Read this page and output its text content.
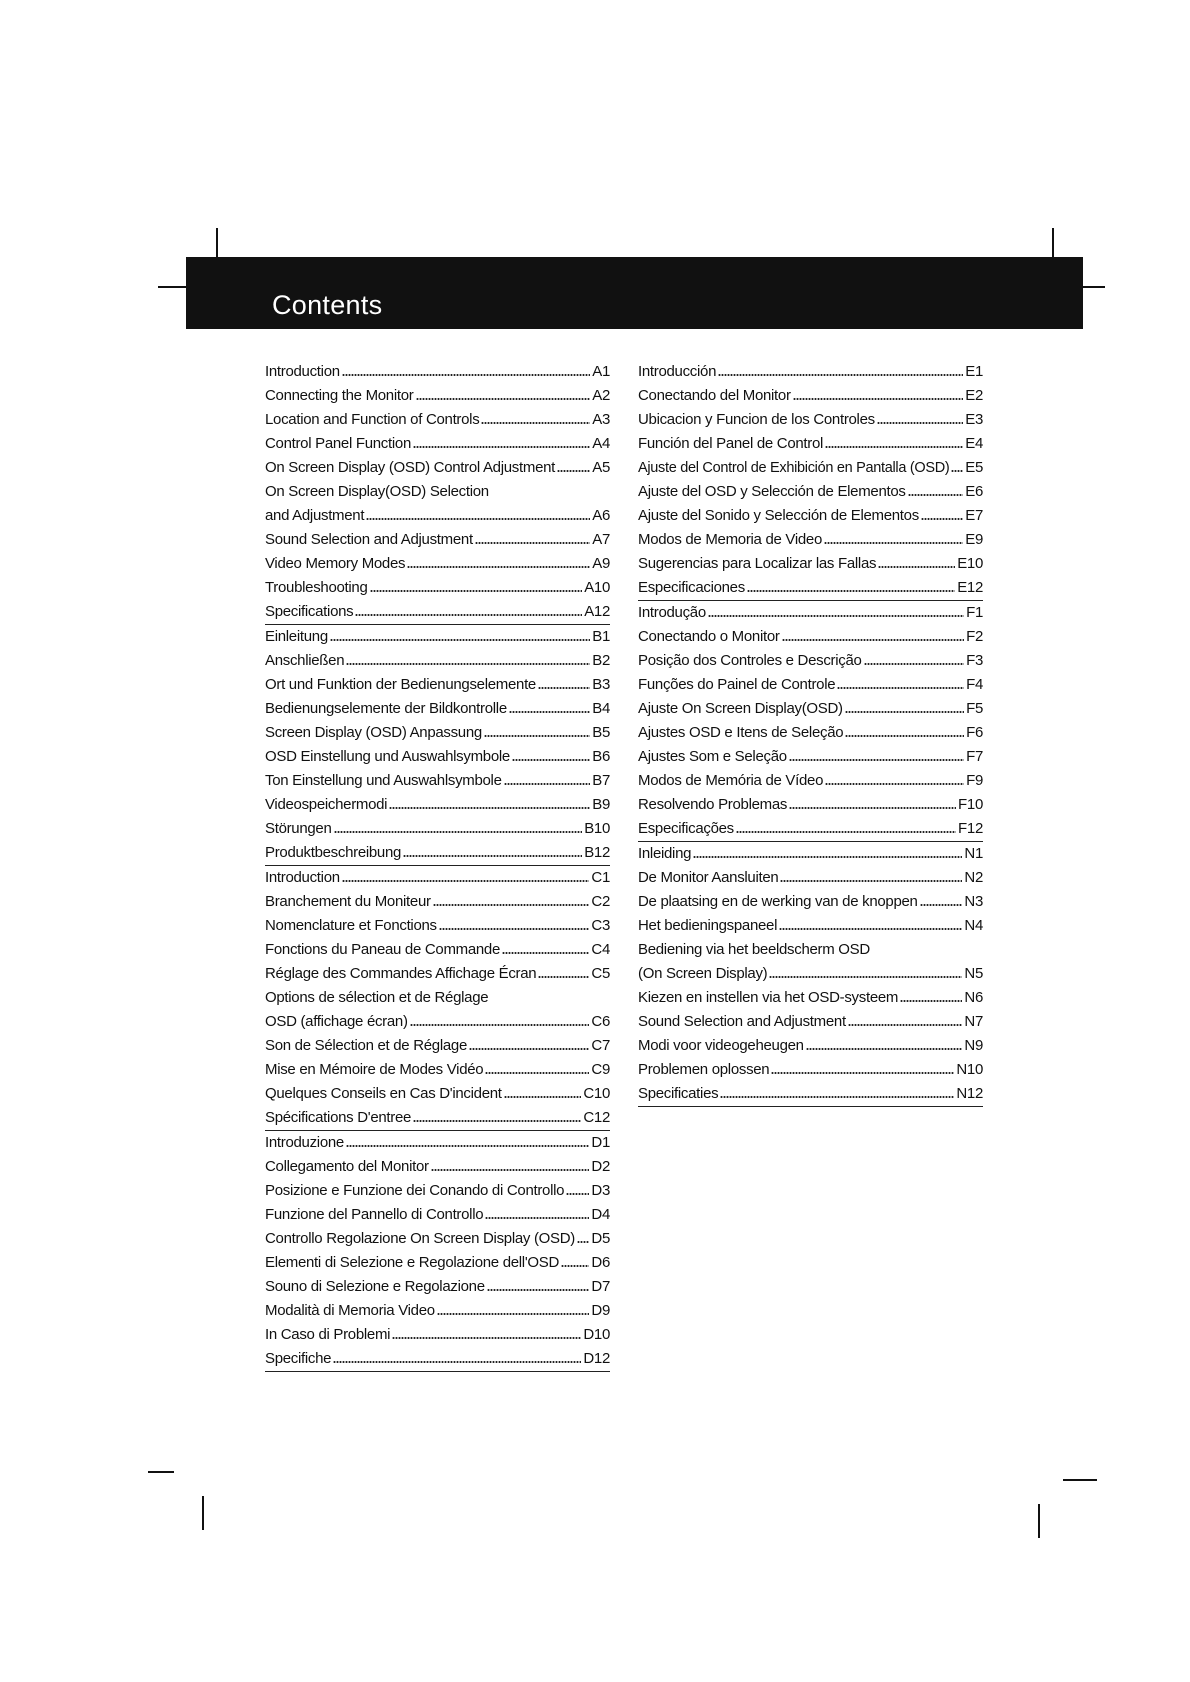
Contents
Introduction	A1
Connecting the Monitor	A2
Location and Function of Controls	A3
Control Panel Function	A4
On Screen Display (OSD) Control Adjustment A5
On Screen Display(OSD) Selection
and Adjustment	A6
Sound Selection and Adjustment	A7
Video Memory Modes	A9
Troubleshooting	A10
Specifications	A12
Einleitung	B1
Anschließen	B2
Ort und Funktion der Bedienungselemente	B3
Bedienungselemente der Bildkontrolle	B4
Screen Display (OSD) Anpassung	B5
OSD Einstellung und Auswahlsymbole	B6
Ton Einstellung und Auswahlsymbole	B7
Videospeichermodi	B9
Störungen	B10
Produktbeschreibung	B12
Introduction	C1
Branchement du Moniteur	C2
Nomenclature et Fonctions	C3
Fonctions du Paneau de Commande	C4
Réglage des Commandes Affichage Écran	C5
Options de sélection et de Réglage
OSD (affichage écran)	C6
Son de Sélection et de Réglage	C7
Mise en Mémoire de Modes Vidéo	C9
Quelques Conseils en Cas D'incident	C10
Spécifications D'entree	C12
Introduzione	D1
Collegamento del Monitor	D2
Posizione e Funzione dei Conando di Controllo D3
Funzione del Pannello di Controllo	D4
Controllo Regolazione On Screen Display (OSD) D5
Elementi di Selezione e Regolazione dell'OSD D6
Souno di Selezione e Regolazione	D7
Modalità di Memoria Video	D9
In Caso di Problemi	D10
Specifiche	D12
Introducción	E1
Conectando del Monitor	E2
Ubicacion y Funcion de los Controles	E3
Función del Panel de Control	E4
Ajuste del Control de Exhibición en Pantalla (OSD) E5
Ajuste del OSD y Selección de Elementos	E6
Ajuste del Sonido y Selección de Elementos	E7
Modos de Memoria de Video	E9
Sugerencias para Localizar las Fallas	E10
Especificaciones	E12
Introdução	F1
Conectando o Monitor	F2
Posição dos Controles e Descrição	F3
Funções do Painel de Controle	F4
Ajuste On Screen Display(OSD)	F5
Ajustes OSD e Itens de Seleção	F6
Ajustes Som e Seleção	F7
Modos de Memória de Vídeo	F9
Resolvendo Problemas	F10
Especificações	F12
Inleiding	N1
De Monitor Aansluiten	N2
De plaatsing en de werking van de knoppen	N3
Het bedieningspaneel	N4
Bediening via het beeldscherm OSD
(On Screen Display)	N5
Kiezen en instellen via het OSD-systeem	N6
Sound Selection and Adjustment	N7
Modi voor videogeheugen	N9
Problemen oplossen	N10
Specificaties	N12
